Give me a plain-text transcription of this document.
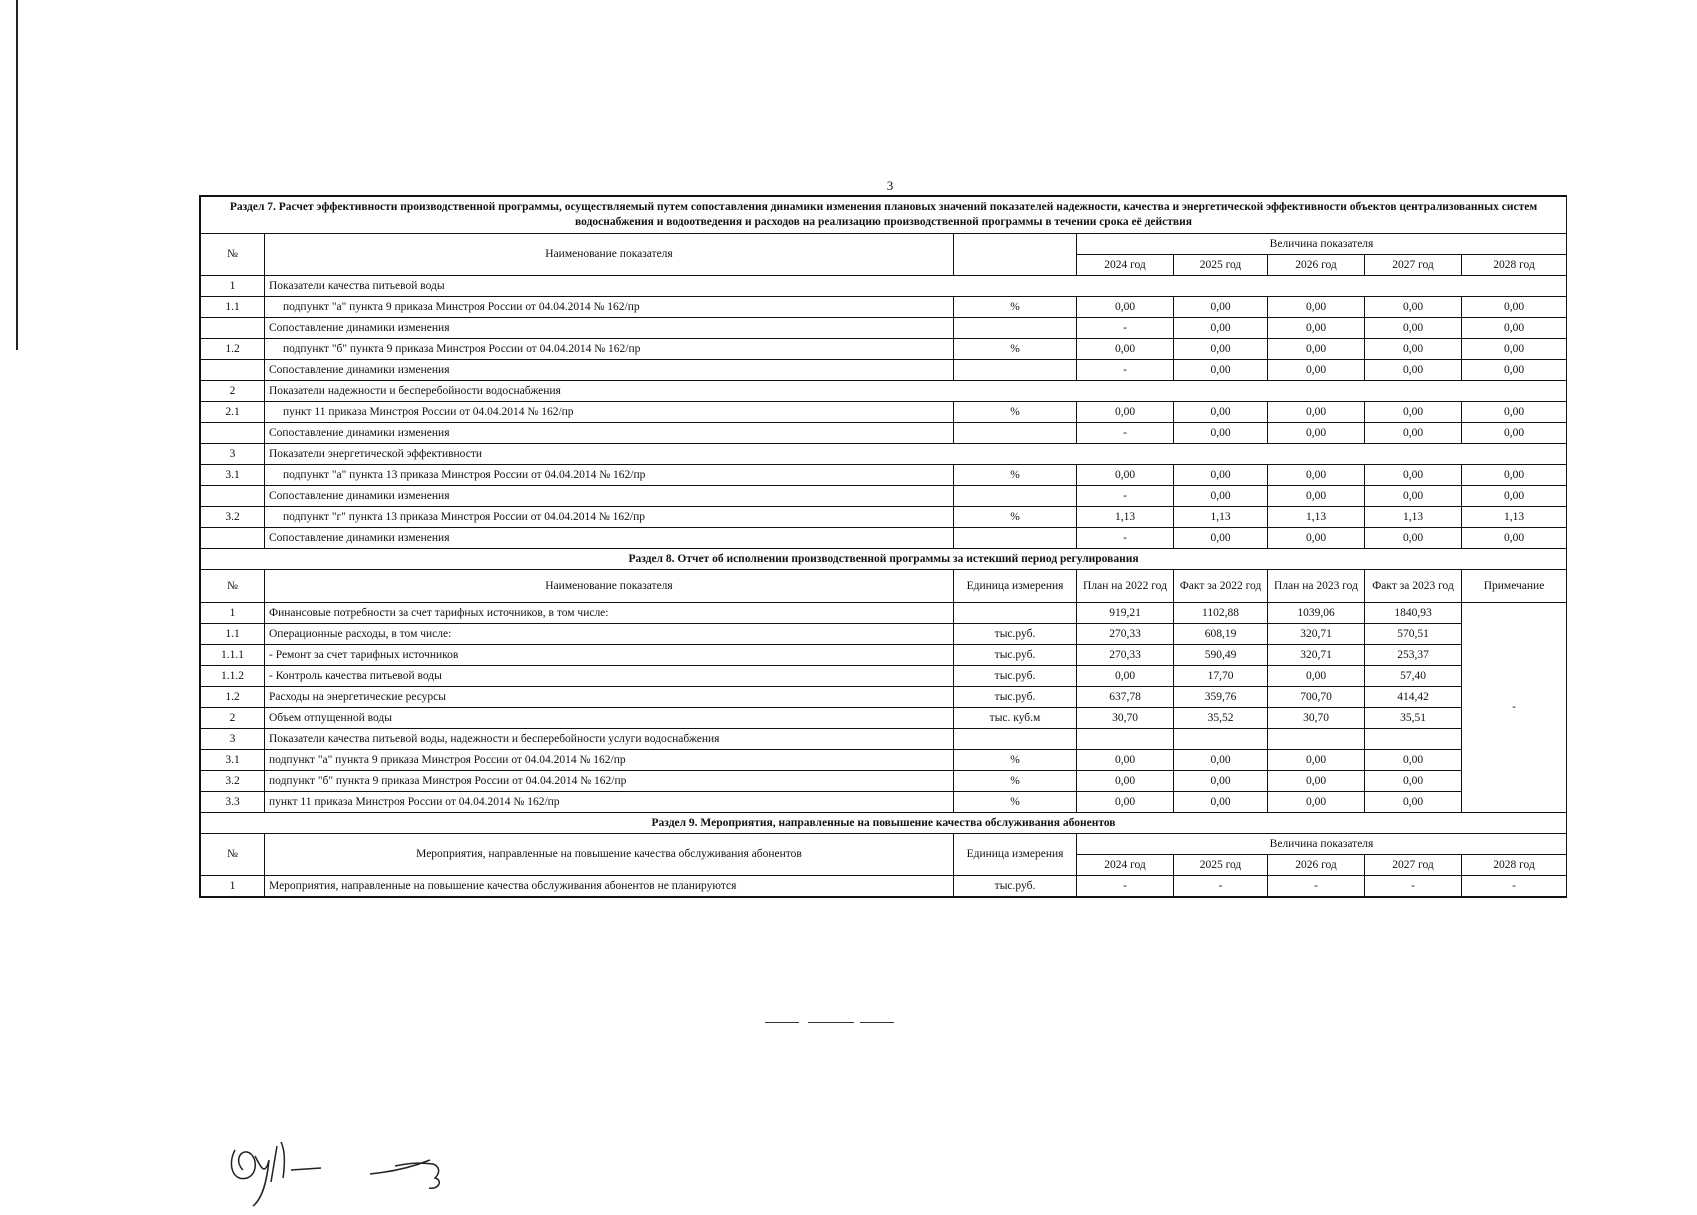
3
Раздел 7. Расчет эффективности производственной программы, осуществляемый путем сопоставления динамики изменения плановых значений показателей надежности, качества и энергетической эффективности объектов централизованных систем водоснабжения и водоотведения и расходов на реализацию производственной программы в течении срока её действия							
№	Наименование показателя		Величина показателя				
			2024 год	2025 год	2026 год	2027 год	2028 год
1	Показатели качества питьевой воды						
1.1	подпункт "а" пункта 9 приказа Минстроя России от 04.04.2014 № 162/пр	%	0,00	0,00	0,00	0,00	0,00
	Сопоставление динамики изменения		-	0,00	0,00	0,00	0,00
1.2	подпункт "б" пункта 9 приказа Минстроя России от 04.04.2014 № 162/пр	%	0,00	0,00	0,00	0,00	0,00
	Сопоставление динамики изменения		-	0,00	0,00	0,00	0,00
2	Показатели надежности и бесперебойности водоснабжения						
2.1	пункт 11 приказа Минстроя России от 04.04.2014 № 162/пр	%	0,00	0,00	0,00	0,00	0,00
	Сопоставление динамики изменения		-	0,00	0,00	0,00	0,00
3	Показатели энергетической эффективности						
3.1	подпункт "а" пункта 13 приказа Минстроя России от 04.04.2014 № 162/пр	%	0,00	0,00	0,00	0,00	0,00
	Сопоставление динамики изменения		-	0,00	0,00	0,00	0,00
3.2	подпункт "г" пункта 13 приказа Минстроя России от 04.04.2014 № 162/пр	%	1,13	1,13	1,13	1,13	1,13
	Сопоставление динамики изменения		-	0,00	0,00	0,00	0,00
Раздел 8. Отчет об исполнении производственной программы за истекший период регулирования							
№	Наименование показателя	Единица измерения	План на 2022 год	Факт за 2022 год	План на 2023 год	Факт за 2023 год	Примечание
1	Финансовые потребности за счет тарифных источников, в том числе:		919,21	1102,88	1039,06	1840,93	-
1.1	Операционные расходы, в том числе:	тыс.руб.	270,33	608,19	320,71	570,51	
1.1.1	- Ремонт за счет тарифных источников	тыс.руб.	270,33	590,49	320,71	253,37	
1.1.2	- Контроль качества питьевой воды	тыс.руб.	0,00	17,70	0,00	57,40	
1.2	Расходы на энергетические ресурсы	тыс.руб.	637,78	359,76	700,70	414,42	
2	Объем отпущенной воды	тыс. куб.м	30,70	35,52	30,70	35,51	
3	Показатели качества питьевой воды, надежности и бесперебойности услуги водоснабжения						
3.1	подпункт "а" пункта 9 приказа Минстроя России от 04.04.2014 № 162/пр	%	0,00	0,00	0,00	0,00	
3.2	подпункт "б" пункта 9 приказа Минстроя России от 04.04.2014 № 162/пр	%	0,00	0,00	0,00	0,00	
3.3	пункт 11 приказа Минстроя России от 04.04.2014 № 162/пр	%	0,00	0,00	0,00	0,00	
Раздел 9. Мероприятия, направленные на повышение качества обслуживания абонентов							
№	Мероприятия, направленные на повышение качества обслуживания абонентов	Единица измерения	Величина показателя				
			2024 год	2025 год	2026 год	2027 год	2028 год
1	Мероприятия, направленные на повышение качества обслуживания абонентов не планируются	тыс.руб.	-	-	-	-	-
